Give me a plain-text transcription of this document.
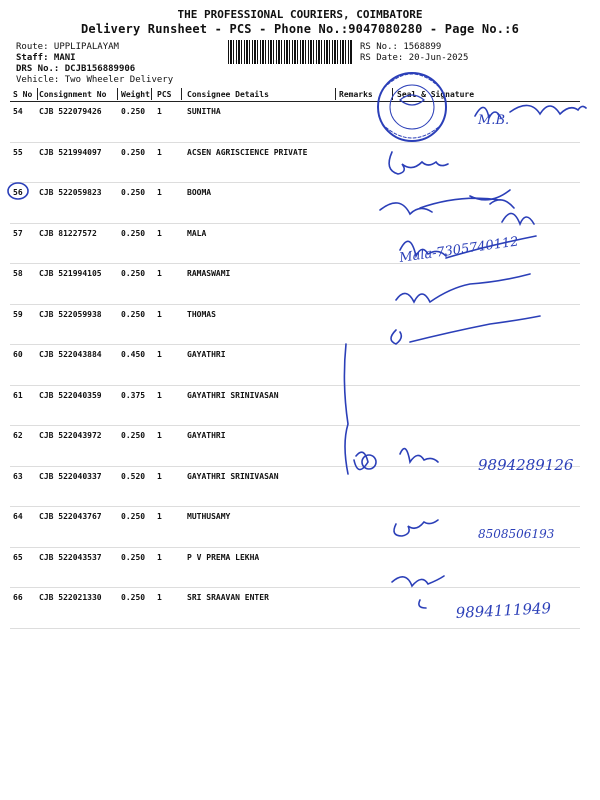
THE PROFESSIONAL COURIERS, COIMBATORE
Delivery Runsheet - PCS - Phone No.:9047080280 - Page No.:6
Route: UPPLIPALAYAM
Staff: MANI
DRS No.: DCJB156889906
Vehicle: Two Wheeler Delivery
RS No.: 1568899
RS Date: 20-Jun-2025
S No	Consignment No	Weight	PCS	Consignee Details	Remarks	Seal & Signature
54	CJB 522079426	0.250	1	SUNITHA		
55	CJB 521994097	0.250	1	ACSEN AGRISCIENCE PRIVATE		
56	CJB 522059823	0.250	1	BOOMA		
57	CJB 81227572	0.250	1	MALA		
58	CJB 521994105	0.250	1	RAMASWAMI		
59	CJB 522059938	0.250	1	THOMAS		
60	CJB 522043884	0.450	1	GAYATHRI		
61	CJB 522040359	0.375	1	GAYATHRI SRINIVASAN		
62	CJB 522043972	0.250	1	GAYATHRI		
63	CJB 522040337	0.520	1	GAYATHRI SRINIVASAN		
64	CJB 522043767	0.250	1	MUTHUSAMY		
65	CJB 522043537	0.250	1	P V PREMA LEKHA		
66	CJB 522021330	0.250	1	SRI SRAAVAN ENTER		
M.B.
Mala-7305740112
9894289126
8508506193
9894111949
